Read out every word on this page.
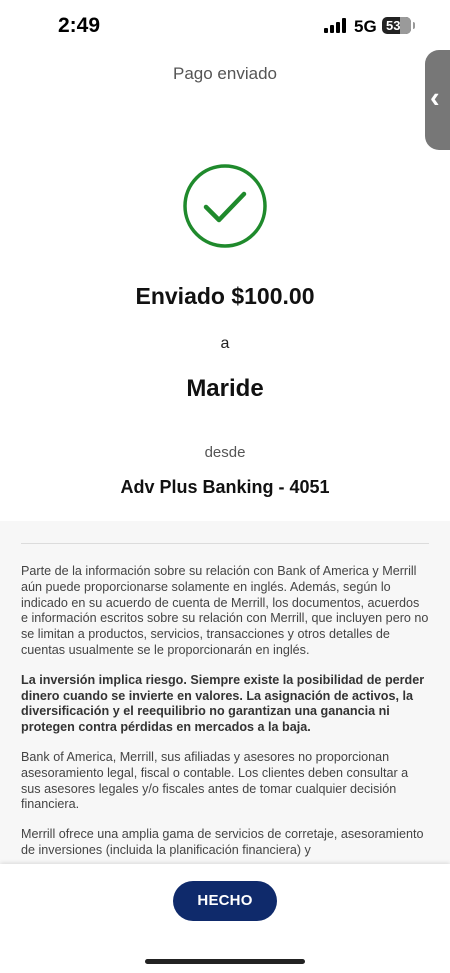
2:49	5G 53
Pago enviado
‹
Enviado $100.00
a
Maride
desde
Adv Plus Banking - 4051

Parte de la información sobre su relación con Bank of America y Merrill aún puede proporcionarse solamente en inglés. Además, según lo indicado en su acuerdo de cuenta de Merrill, los documentos, acuerdos e información escritos sobre su relación con Merrill, que incluyen pero no se limitan a productos, servicios, transacciones y otros detalles de cuentas usualmente se le proporcionarán en inglés.

La inversión implica riesgo. Siempre existe la posibilidad de perder dinero cuando se invierte en valores. La asignación de activos, la diversificación y el reequilibrio no garantizan una ganancia ni protegen contra pérdidas en mercados a la baja.

Bank of America, Merrill, sus afiliadas y asesores no proporcionan asesoramiento legal, fiscal o contable. Los clientes deben consultar a sus asesores legales y/o fiscales antes de tomar cualquier decisión financiera.

Merrill ofrece una amplia gama de servicios de corretaje, asesoramiento de inversiones (incluida la planificación financiera) y

HECHO
